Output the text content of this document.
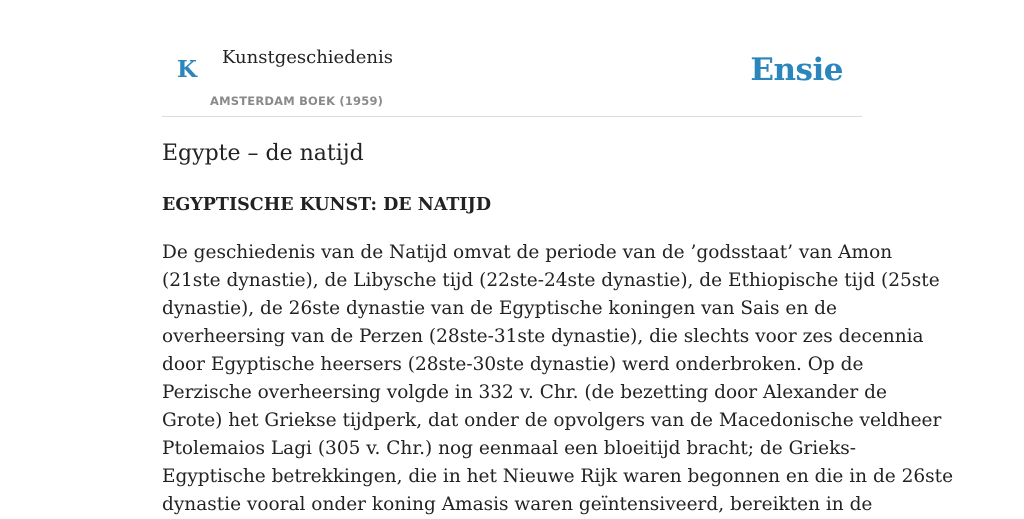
K Kunstgeschiedenis
AMSTERDAM BOEK (1959)
Ensie
Egypte – de natijd
EGYPTISCHE KUNST: DE NATIJD
De geschiedenis van de Natijd omvat de periode van de ’godsstaat’ van Amon
(21ste dynastie), de Libysche tijd (22ste-24ste dynastie), de Ethiopische tijd (25ste
dynastie), de 26ste dynastie van de Egyptische koningen van Sais en de
overheersing van de Perzen (28ste-31ste dynastie), die slechts voor zes decennia
door Egyptische heersers (28ste-30ste dynastie) werd onderbroken. Op de
Perzische overheersing volgde in 332 v. Chr. (de bezetting door Alexander de
Grote) het Griekse tijdperk, dat onder de opvolgers van de Macedonische veldheer
Ptolemaios Lagi (305 v. Chr.) nog eenmaal een bloeitijd bracht; de Grieks-
Egyptische betrekkingen, die in het Nieuwe Rijk waren begonnen en die in de 26ste
dynastie vooral onder koning Amasis waren geïntensiveerd, bereikten in de
